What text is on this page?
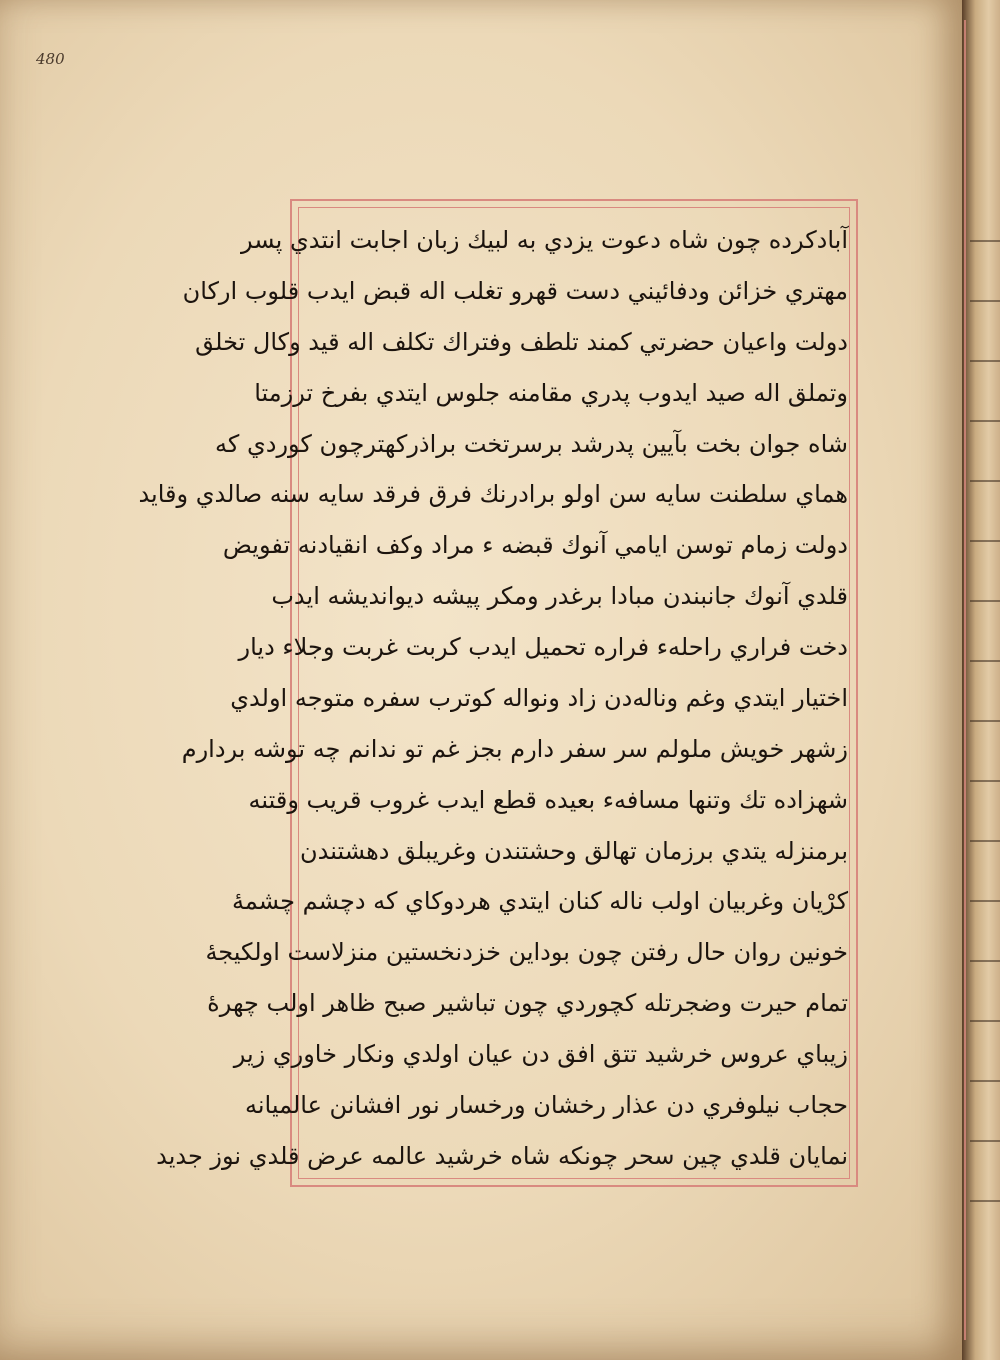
480
آبادكرده چون شاه دعوت يزدي بە لبيك زبان اجابت انتدي پسر
مهتري خزائن ودفائيني دست قهرو تغلب اله قبض ايدب قلوب اركان
دولت واعيان حضرتي كمند تلطف وفتراك تكلف اله قيد وكال تخلق
وتملق اله صيد ايدوب پدري مقامنه جلوس ايتدي بفرخ ترزمتا
شاه جوان بخت بآيين پدرشد برسرتخت براذركهترچون كوردي كه
هماي سلطنت سايه سن اولو برادرنك فرق فرقد سايه سنه صالدي وقايد
دولت زمام توسن ايامي آنوك قبضه ء مراد وكف انقيادنه تفويض
قلدي آنوك جانبندن مبادا برغدر ومكر پيشه ديواندیشه ايدب
دخت فراري راحلهء فراره تحميل ايدب كربت غربت وجلاء ديار
اختيار ايتدي وغم ونالەدن زاد ونواله كوترب سفره متوجه اولدي
زشهر خويش ملولم سر سفر دارم بجز غم تو ندانم چه توشه بردارم
شهزاده تك وتنها مسافهء بعيده قطع ايدب غروب قريب وقتنه
برمنزله يتدي برزمان تهالق وحشتندن وغريبلق دهشتندن
كرْيان وغربيان اولب ناله كنان ايتدي هردوكاي كه دچشم چشمهٔ
خونين روان حال رفتن چون بوداين خزدنخستين منزلاست اولكيجهٔ
تمام حيرت وضجرتله كچوردي چون تباشير صبح ظاهر اولب چهرهٔ
زيباي عروس خرشيد تتق افق دن عيان اولدي ونكار خاوري زير
حجاب نيلوفري دن عذار رخشان ورخسار نور افشانن عالميانه
نمايان قلدي چين سحر چونكه شاه خرشيد عالمه عرض قلدي نوز جديد
